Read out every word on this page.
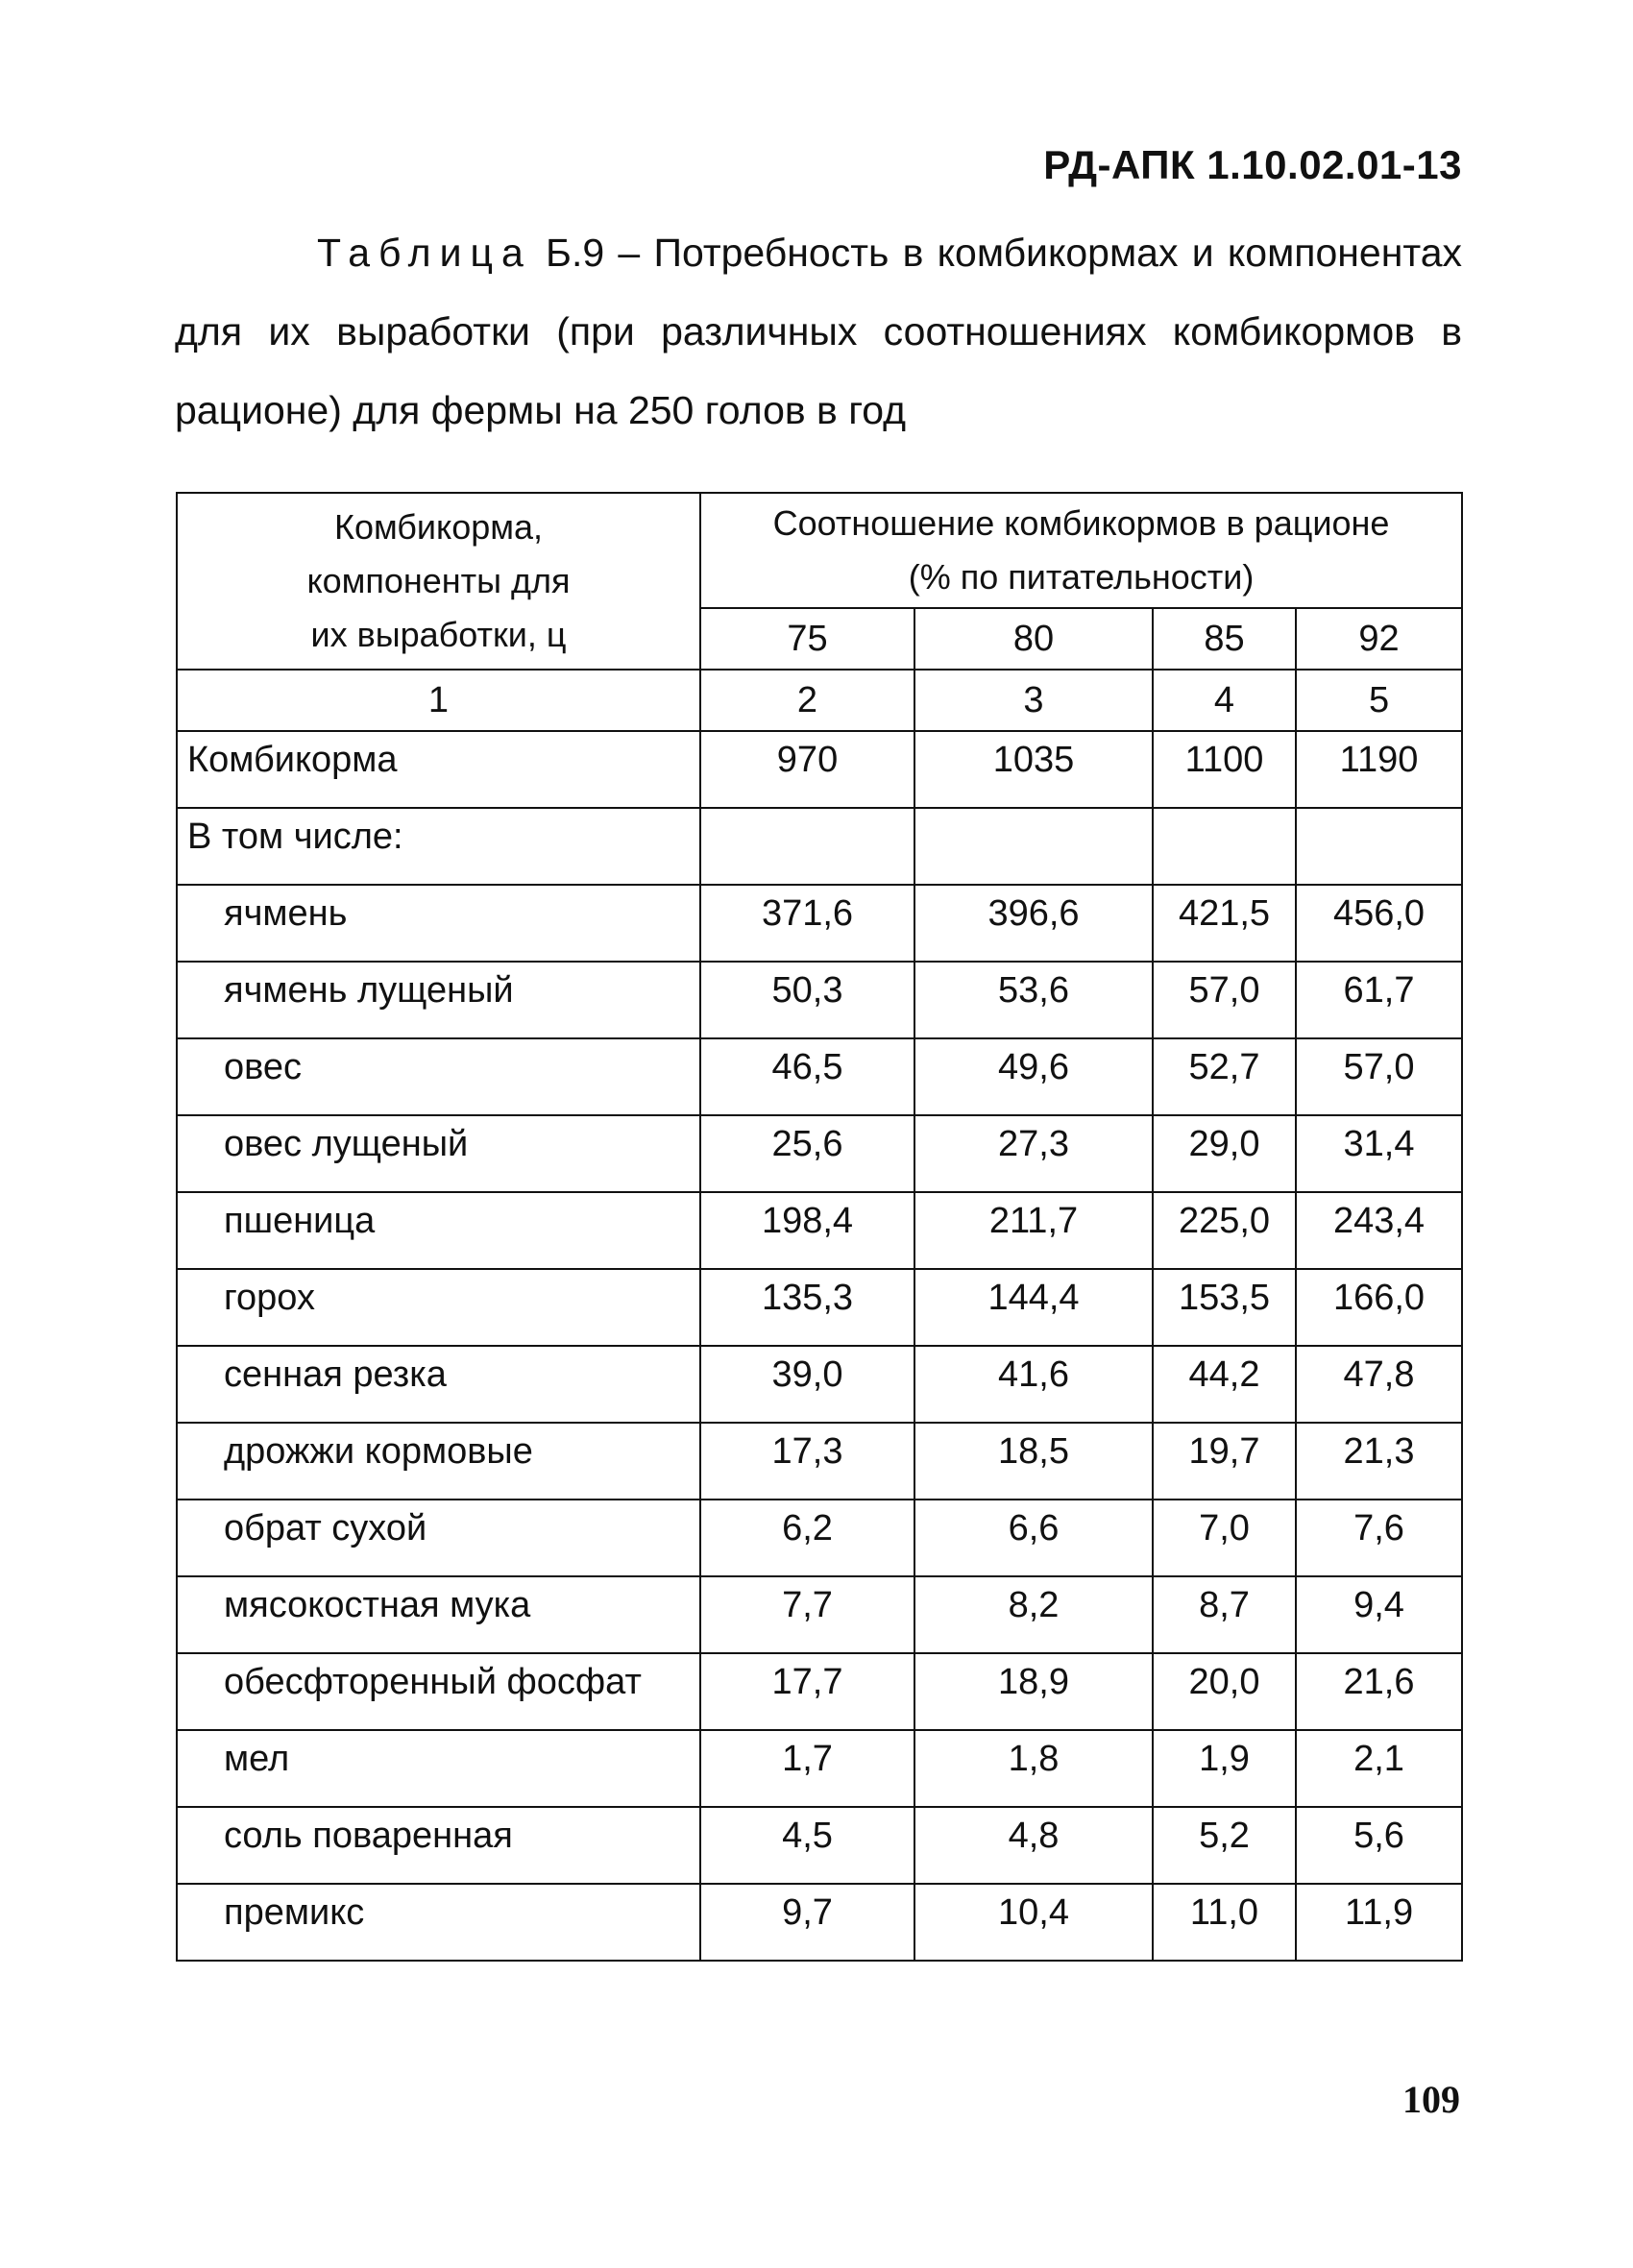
РД-АПК 1.10.02.01-13
Таблица Б.9 – Потребность в комбикормах и компонентах для их выработки (при различных соотношениях комбикормов в рационе) для фермы на 250 голов в год
Комбикорма, компоненты для их выработки, ц	Соотношение комбикормов в рационе
(% по питательности)			

	75	80	85	92
1	2	3	4	5
Комбикорма	970	1035	1100	1190
В том числе:				
ячмень	371,6	396,6	421,5	456,0
ячмень лущеный	50,3	53,6	57,0	61,7
овес	46,5	49,6	52,7	57,0
овес лущеный	25,6	27,3	29,0	31,4
пшеница	198,4	211,7	225,0	243,4
горох	135,3	144,4	153,5	166,0
сенная резка	39,0	41,6	44,2	47,8
дрожжи кормовые	17,3	18,5	19,7	21,3
обрат сухой	6,2	6,6	7,0	7,6
мясокостная мука	7,7	8,2	8,7	9,4
обесфторенный фосфат	17,7	18,9	20,0	21,6
мел	1,7	1,8	1,9	2,1
соль поваренная	4,5	4,8	5,2	5,6
премикс	9,7	10,4	11,0	11,9
109
